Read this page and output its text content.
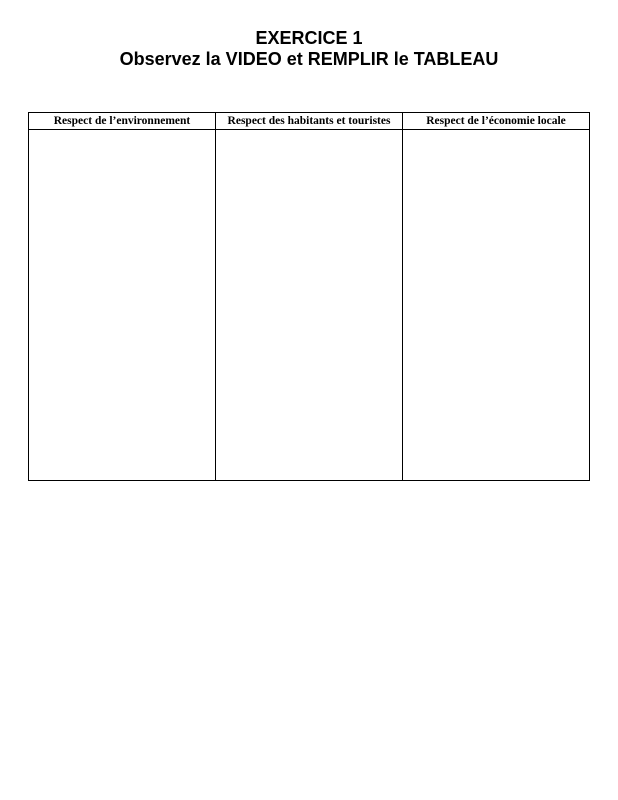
EXERCICE 1
Observez la VIDEO et REMPLIR le TABLEAU
Respect de l’environnement	Respect des habitants et touristes	Respect de l’économie locale
